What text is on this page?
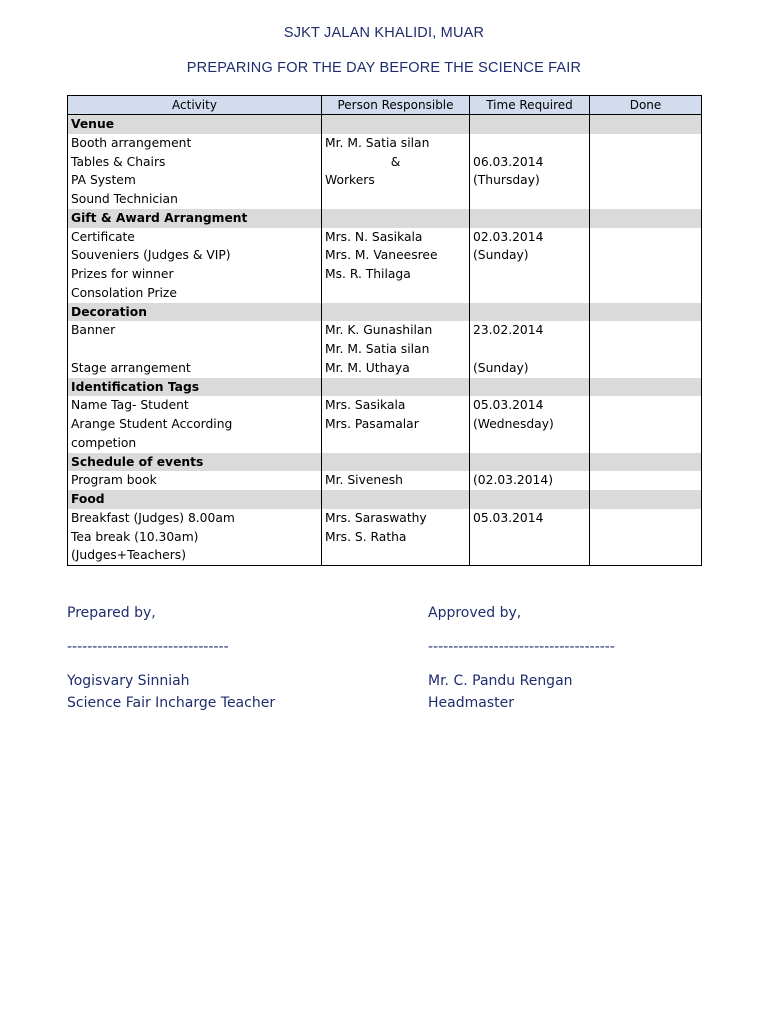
SJKT JALAN KHALIDI, MUAR
PREPARING FOR THE DAY BEFORE THE SCIENCE FAIR
Activity	Person Responsible	Time Required	Done
Venue			
Booth arrangement	Mr. M. Satia silan		
Tables & Chairs	&	06.03.2014	
PA System	Workers	(Thursday)	
Sound Technician			
Gift & Award Arrangment			
Certificate	Mrs. N. Sasikala	02.03.2014	
Souveniers (Judges & VIP)	Mrs. M. Vaneesree	(Sunday)	
Prizes for winner	Ms. R. Thilaga		
Consolation Prize			
Decoration			
Banner	Mr. K. Gunashilan	23.02.2014	
	Mr. M. Satia silan		
Stage arrangement	Mr. M. Uthaya	(Sunday)	
Identification Tags			
Name Tag- Student	Mrs. Sasikala	05.03.2014	
Arange Student According	Mrs. Pasamalar	(Wednesday)	
competion			
Schedule of events			
Program book	Mr. Sivenesh	(02.03.2014)	
Food			
Breakfast (Judges) 8.00am	Mrs. Saraswathy	05.03.2014	
Tea break (10.30am)	Mrs. S. Ratha		
(Judges+Teachers)			
Prepared by,
--------------------------------
Yogisvary Sinniah
Science Fair Incharge Teacher
Approved by,
-------------------------------------
Mr. C. Pandu Rengan
Headmaster
